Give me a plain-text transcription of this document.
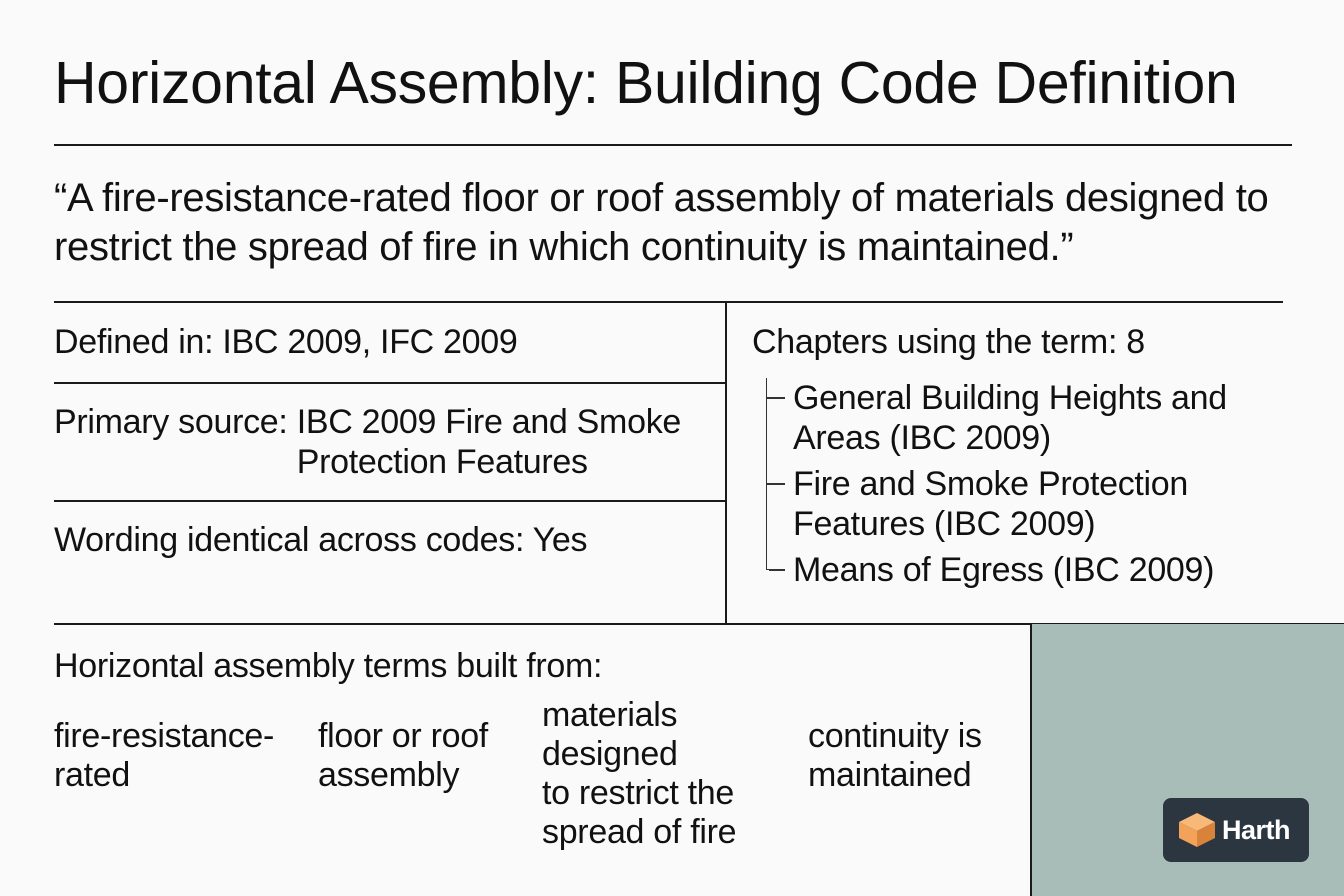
Horizontal Assembly: Building Code Definition
“A fire-resistance-rated floor or roof assembly of materials designed to restrict the spread of fire in which continuity is maintained.”
Defined in: IBC 2009, IFC 2009
Primary source: IBC 2009 Fire and Smoke
Protection Features
Wording identical across codes: Yes
Chapters using the term: 8
General Building Heights and
Areas (IBC 2009)
Fire and Smoke Protection
Features (IBC 2009)
Means of Egress (IBC 2009)
Horizontal assembly terms built from:
fire-resistance-
rated
floor or roof
assembly
materials
designed
to restrict the
spread of fire
continuity is
maintained
Harth
